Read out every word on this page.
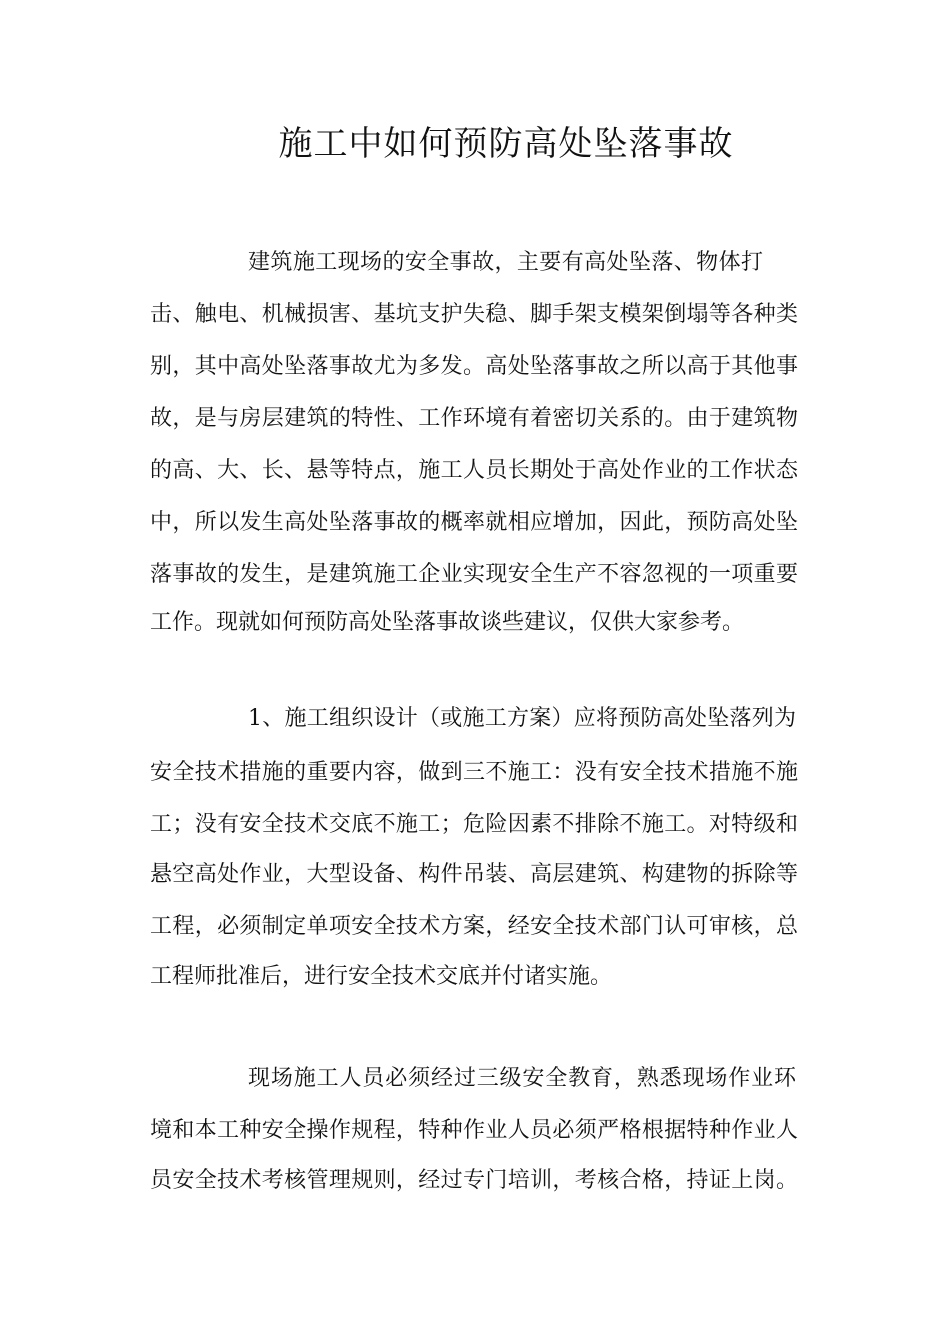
施工中如何预防高处坠落事故
建筑施工现场的安全事故，主要有高处坠落、物体打
击、触电、机械损害、基坑支护失稳、脚手架支模架倒塌等各种类
别，其中高处坠落事故尤为多发。高处坠落事故之所以高于其他事
故，是与房层建筑的特性、工作环境有着密切关系的。由于建筑物
的高、大、长、悬等特点，施工人员长期处于高处作业的工作状态
中，所以发生高处坠落事故的概率就相应增加，因此，预防高处坠
落事故的发生，是建筑施工企业实现安全生产不容忽视的一项重要
工作。现就如何预防高处坠落事故谈些建议，仅供大家参考。
1、施工组织设计（或施工方案）应将预防高处坠落列为
安全技术措施的重要内容，做到三不施工：没有安全技术措施不施
工；没有安全技术交底不施工；危险因素不排除不施工。对特级和
悬空高处作业，大型设备、构件吊装、高层建筑、构建物的拆除等
工程，必须制定单项安全技术方案，经安全技术部门认可审核，总
工程师批准后，进行安全技术交底并付诸实施。
现场施工人员必须经过三级安全教育，熟悉现场作业环
境和本工种安全操作规程，特种作业人员必须严格根据特种作业人
员安全技术考核管理规则，经过专门培训，考核合格，持证上岗。
